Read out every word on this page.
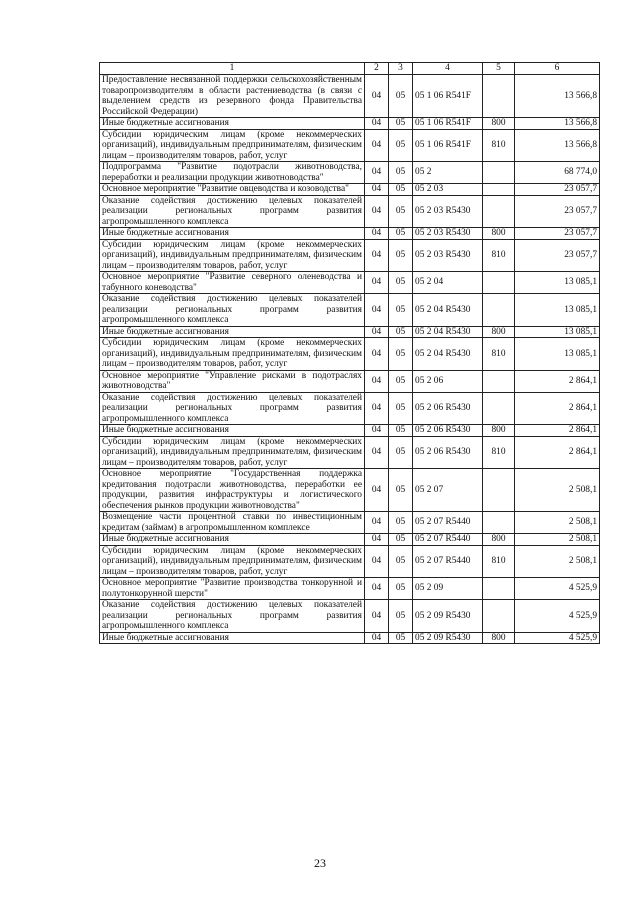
1	2	3	4	5	6
Предоставление несвязанной поддержки сельскохозяйственным товаропроизводителям в области растениеводства (в связи с выделением средств из резервного фонда Правительства Российской Федерации)	04	05	05 1 06 R541F		13 566,8
Иные бюджетные ассигнования	04	05	05 1 06 R541F	800	13 566,8
Субсидии юридическим лицам (кроме некоммерческих организаций), индивидуальным предпринимателям, физическим лицам – производителям товаров, работ, услуг	04	05	05 1 06 R541F	810	13 566,8
Подпрограмма "Развитие подотрасли животноводства, переработки и реализации продукции животноводства"	04	05	05 2		68 774,0
Основное мероприятие "Развитие овцеводства и козоводства"	04	05	05 2 03		23 057,7
Оказание содействия достижению целевых показателей реализации региональных программ развития агропромышленного комплекса	04	05	05 2 03 R5430		23 057,7
Иные бюджетные ассигнования	04	05	05 2 03 R5430	800	23 057,7
Субсидии юридическим лицам (кроме некоммерческих организаций), индивидуальным предпринимателям, физическим лицам – производителям товаров, работ, услуг	04	05	05 2 03 R5430	810	23 057,7
Основное мероприятие "Развитие северного оленеводства и табунного коневодства"	04	05	05 2 04		13 085,1
Оказание содействия достижению целевых показателей реализации региональных программ развития агропромышленного комплекса	04	05	05 2 04 R5430		13 085,1
Иные бюджетные ассигнования	04	05	05 2 04 R5430	800	13 085,1
Субсидии юридическим лицам (кроме некоммерческих организаций), индивидуальным предпринимателям, физическим лицам – производителям товаров, работ, услуг	04	05	05 2 04 R5430	810	13 085,1
Основное мероприятие "Управление рисками в подотраслях животноводства"	04	05	05 2 06		2 864,1
Оказание содействия достижению целевых показателей реализации региональных программ развития агропромышленного комплекса	04	05	05 2 06 R5430		2 864,1
Иные бюджетные ассигнования	04	05	05 2 06 R5430	800	2 864,1
Субсидии юридическим лицам (кроме некоммерческих организаций), индивидуальным предпринимателям, физическим лицам – производителям товаров, работ, услуг	04	05	05 2 06 R5430	810	2 864,1
Основное мероприятие "Государственная поддержка кредитования подотрасли животноводства, переработки ее продукции, развития инфраструктуры и логистического обеспечения рынков продукции животноводства"	04	05	05 2 07		2 508,1
Возмещение части процентной ставки по инвестиционным кредитам (займам) в агропромышленном комплексе	04	05	05 2 07 R5440		2 508,1
Иные бюджетные ассигнования	04	05	05 2 07 R5440	800	2 508,1
Субсидии юридическим лицам (кроме некоммерческих организаций), индивидуальным предпринимателям, физическим лицам – производителям товаров, работ, услуг	04	05	05 2 07 R5440	810	2 508,1
Основное мероприятие "Развитие производства тонкорунной и полутонкорунной шерсти"	04	05	05 2 09		4 525,9
Оказание содействия достижению целевых показателей реализации региональных программ развития агропромышленного комплекса	04	05	05 2 09 R5430		4 525,9
Иные бюджетные ассигнования	04	05	05 2 09 R5430	800	4 525,9
23
